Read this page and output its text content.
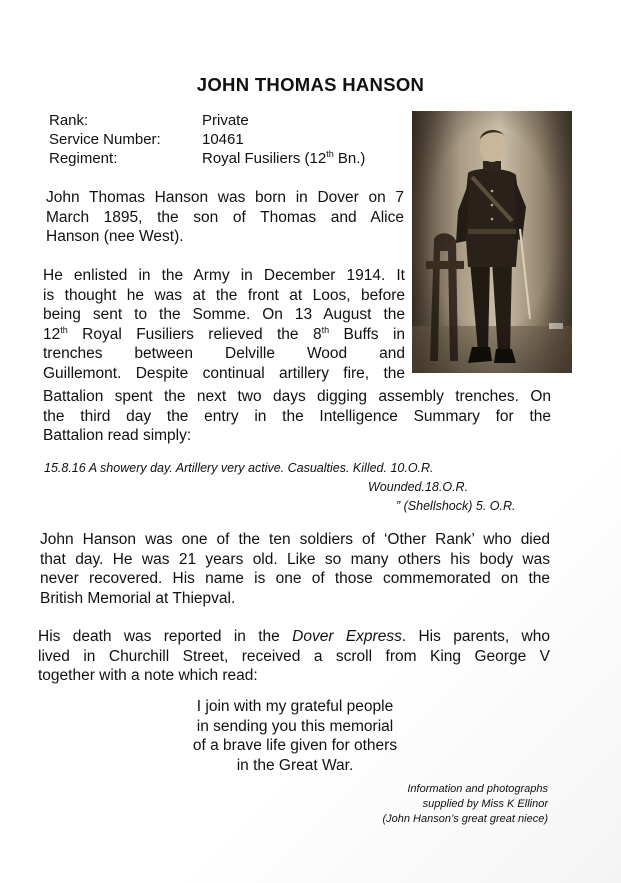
JOHN THOMAS HANSON
Rank:	Private
Service Number:	10461
Regiment:	Royal Fusiliers (12th Bn.)
John Thomas Hanson was born in Dover on 7
March 1895, the son of Thomas and Alice
Hanson (nee West).
He enlisted in the Army in December 1914. It
is thought he was at the front at Loos, before
being sent to the Somme. On 13 August the
12th Royal Fusiliers relieved the 8th Buffs in
trenches between Delville Wood and
Guillemont. Despite continual artillery fire, the
Battalion spent the next two days digging assembly trenches. On
the third day the entry in the Intelligence Summary for the
Battalion read simply:
15.8.16 A showery day. Artillery very active. Casualties. Killed. 10.O.R.
Wounded.18.O.R.
” (Shellshock) 5. O.R.
John Hanson was one of the ten soldiers of ‘Other Rank’ who died
that day. He was 21 years old. Like so many others his body was
never recovered. His name is one of those commemorated on the
British Memorial at Thiepval.
His death was reported in the Dover Express. His parents, who
lived in Churchill Street, received a scroll from King George V
together with a note which read:
I join with my grateful people
in sending you this memorial
of a brave life given for others
in the Great War.
Information and photographs
supplied by Miss K Ellinor
(John Hanson’s great great niece)
